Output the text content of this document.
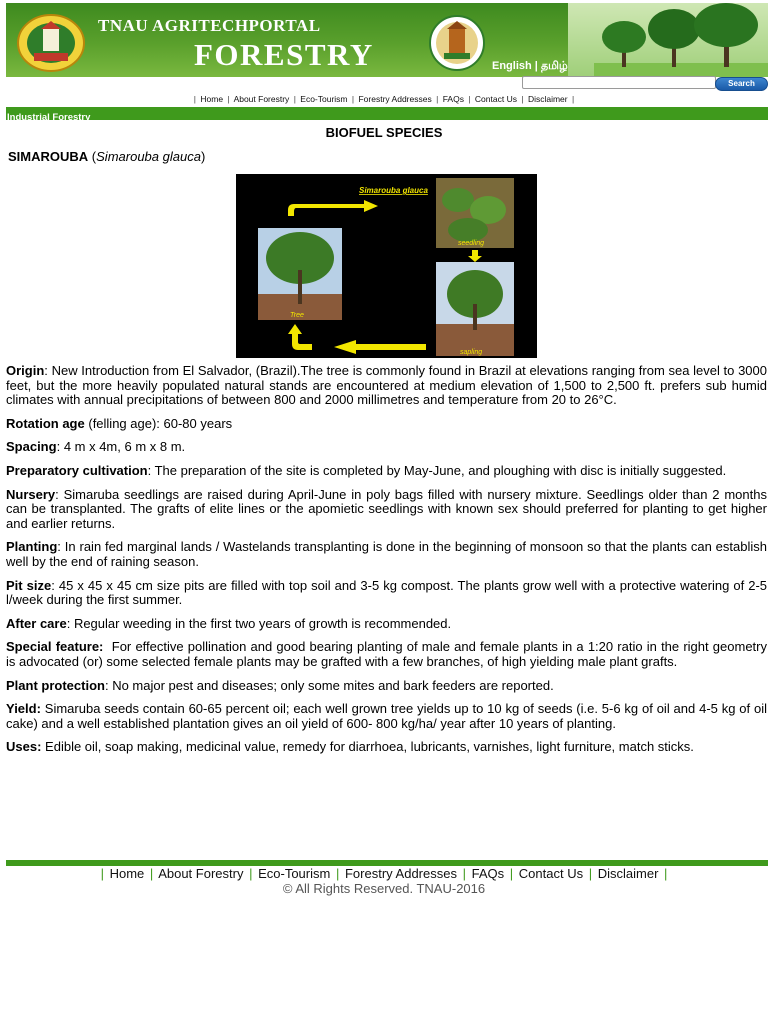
TNAU AGRITECHPORTAL
FORESTRY	English | தமிழ்
Search
| Home | About Forestry | Eco-Tourism | Forestry Addresses | FAQs | Contact Us | Disclaimer |
Industrial Forestry
BIOFUEL SPECIES
SIMAROUBA (Simarouba glauca)
Simarouba glauca
seedling
sapling
Tree

Origin: New Introduction from El Salvador, (Brazil).The tree is commonly found in Brazil at elevations ranging from sea level to 3000 feet, but the more heavily populated natural stands are encountered at medium elevation of 1,500 to 2,500 ft. prefers sub humid climates with annual precipitations of between 800 and 2000 millimetres and temperature from 20 to 26°C.

Rotation age (felling age): 60-80 years

Spacing: 4 m x 4m, 6 m x 8 m.

Preparatory cultivation: The preparation of the site is completed by May-June, and ploughing with disc is initially suggested.

Nursery: Simaruba seedlings are raised during April-June in poly bags filled with nursery mixture. Seedlings older than 2 months can be transplanted. The grafts of elite lines or the apomietic seedlings with known sex should preferred for planting to get higher and earlier returns.

Planting: In rain fed marginal lands / Wastelands transplanting is done in the beginning of monsoon so that the plants can establish well by the end of raining season.

Pit size: 45 x 45 x 45 cm size pits are filled with top soil and 3-5 kg compost. The plants grow well with a protective watering of 2-5 l/week during the first summer.

After care: Regular weeding in the first two years of growth is recommended.

Special feature: For effective pollination and good bearing planting of male and female plants in a 1:20 ratio in the right geometry is advocated (or) some selected female plants may be grafted with a few branches, of high yielding male plant grafts.

Plant protection: No major pest and diseases; only some mites and bark feeders are reported.

Yield: Simaruba seeds contain 60-65 percent oil; each well grown tree yields up to 10 kg of seeds (i.e. 5-6 kg of oil and 4-5 kg of oil cake) and a well established plantation gives an oil yield of 600- 800 kg/ha/ year after 10 years of planting.

Uses: Edible oil, soap making, medicinal value, remedy for diarrhoea, lubricants, varnishes, light furniture, match sticks.

| Home | About Forestry | Eco-Tourism | Forestry Addresses | FAQs | Contact Us | Disclaimer |
© All Rights Reserved. TNAU-2016
